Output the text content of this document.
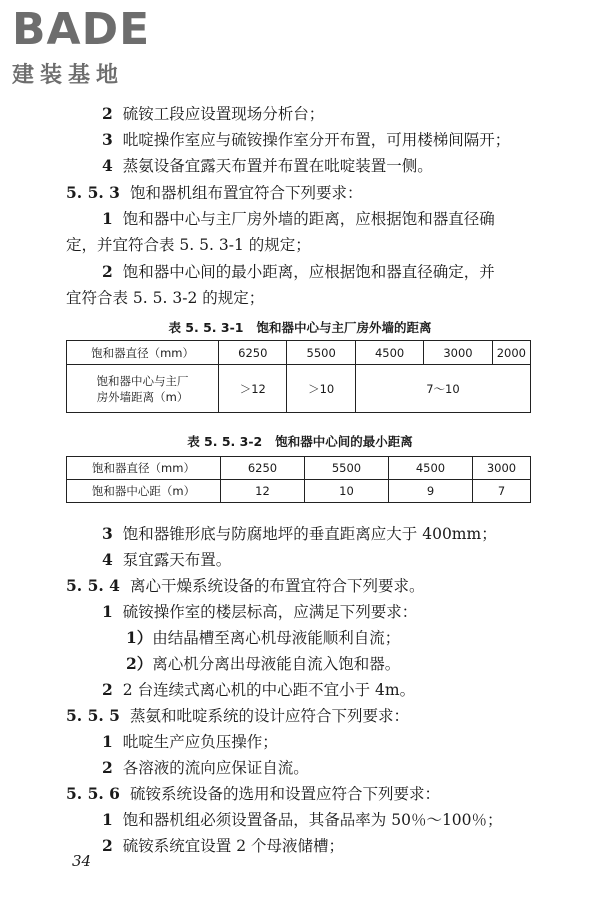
BADE
建装基地
2 硫铵工段应设置现场分析台；
3 吡啶操作室应与硫铵操作室分开布置，可用楼梯间隔开；
4 蒸氨设备宜露天布置并布置在吡啶装置一侧。
5. 5. 3 饱和器机组布置宜符合下列要求：
1 饱和器中心与主厂房外墙的距离，应根据饱和器直径确
定，并宜符合表 5. 5. 3-1 的规定；
2 饱和器中心间的最小距离，应根据饱和器直径确定，并
宜符合表 5. 5. 3-2 的规定；
表 5. 5. 3-1 饱和器中心与主厂房外墙的距离
饱和器直径（mm）	6250	5500	4500	3000	2000

饱和器中心与主厂
房外墙距离（m）	＞12	＞10	7～10		
表 5. 5. 3-2 饱和器中心间的最小距离
饱和器直径（mm）	6250	5500	4500	3000
饱和器中心距（m）	12	10	9	7
3 饱和器锥形底与防腐地坪的垂直距离应大于 400mm；
4 泵宜露天布置。
5. 5. 4 离心干燥系统设备的布置宜符合下列要求。
1 硫铵操作室的楼层标高，应满足下列要求：
1）由结晶槽至离心机母液能顺利自流；
2）离心机分离出母液能自流入饱和器。
2 2 台连续式离心机的中心距不宜小于 4m。
5. 5. 5 蒸氨和吡啶系统的设计应符合下列要求：
1 吡啶生产应负压操作；
2 各溶液的流向应保证自流。
5. 5. 6 硫铵系统设备的选用和设置应符合下列要求：
1 饱和器机组必须设置备品，其备品率为 50％～100％；
2 硫铵系统宜设置 2 个母液储槽；
34
